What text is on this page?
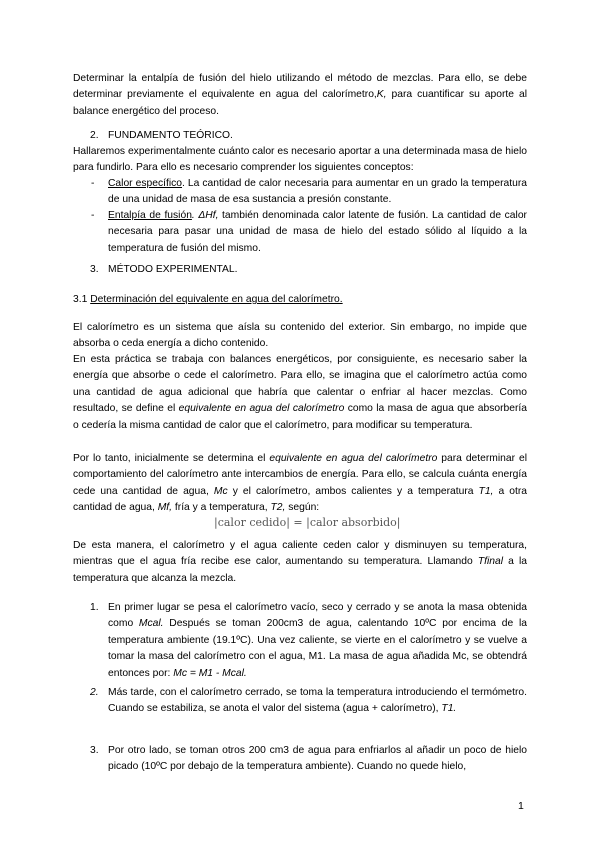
Determinar la entalpía de fusión del hielo utilizando el método de mezclas. Para ello, se debe determinar previamente el equivalente en agua del calorímetro,K, para cuantificar su aporte al balance energético del proceso.

2. FUNDAMENTO TEÓRICO.

Hallaremos experimentalmente cuánto calor es necesario aportar a una determinada masa de hielo para fundirlo. Para ello es necesario comprender los siguientes conceptos:

- Calor específico. La cantidad de calor necesaria para aumentar en un grado la temperatura de una unidad de masa de esa sustancia a presión constante.

- Entalpía de fusión. ΔHf, también denominada calor latente de fusión. La cantidad de calor necesaria para pasar una unidad de masa de hielo del estado sólido al líquido a la temperatura de fusión del mismo.

3. MÉTODO EXPERIMENTAL.

3.1 Determinación del equivalente en agua del calorímetro.

El calorímetro es un sistema que aísla su contenido del exterior. Sin embargo, no impide que absorba o ceda energía a dicho contenido.

En esta práctica se trabaja con balances energéticos, por consiguiente, es necesario saber la energía que absorbe o cede el calorímetro. Para ello, se imagina que el calorímetro actúa como una cantidad de agua adicional que habría que calentar o enfriar al hacer mezclas. Como resultado, se define el equivalente en agua del calorímetro como la masa de agua que absorbería o cedería la misma cantidad de calor que el calorímetro, para modificar su temperatura.

Por lo tanto, inicialmente se determina el equivalente en agua del calorímetro para determinar el comportamiento del calorímetro ante intercambios de energía. Para ello, se calcula cuánta energía cede una cantidad de agua, Mc y el calorímetro, ambos calientes y a temperatura T1, a otra cantidad de agua, Mf, fría y a temperatura, T2, según:

|calor cedido| = |calor absorbido|

De esta manera, el calorímetro y el agua caliente ceden calor y disminuyen su temperatura, mientras que el agua fría recibe ese calor, aumentando su temperatura. Llamando Tfinal a la temperatura que alcanza la mezcla.

1. En primer lugar se pesa el calorímetro vacío, seco y cerrado y se anota la masa obtenida como Mcal. Después se toman 200cm3 de agua, calentando 10ºC por encima de la temperatura ambiente (19.1ºC). Una vez caliente, se vierte en el calorímetro y se vuelve a tomar la masa del calorímetro con el agua, M1. La masa de agua añadida Mc, se obtendrá entonces por: Mc = M1 - Mcal.

2. Más tarde, con el calorímetro cerrado, se toma la temperatura introduciendo el termómetro. Cuando se estabiliza, se anota el valor del sistema (agua + calorímetro), T1.

3. Por otro lado, se toman otros 200 cm3 de agua para enfriarlos al añadir un poco de hielo picado (10ºC por debajo de la temperatura ambiente). Cuando no quede hielo,

1
